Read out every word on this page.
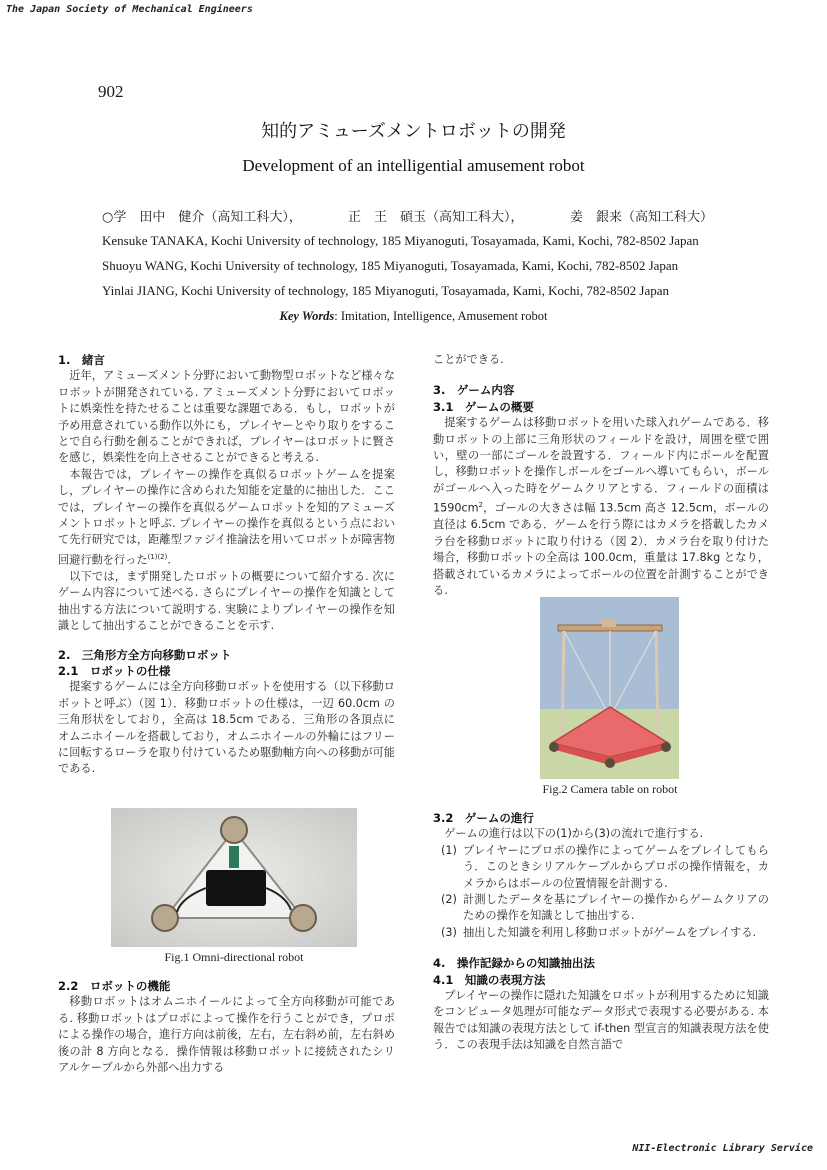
The Japan Society of Mechanical Engineers
NII-Electronic Library Service
902
知的アミューズメントロボットの開発
Development of an intelligential amusement robot
○学　田中　健介（高知工科大），	正　王　碩玉（高知工科大），	姜　銀来（高知工科大）
Kensuke TANAKA, Kochi University of technology, 185 Miyanoguti, Tosayamada, Kami, Kochi, 782-8502 Japan
Shuoyu WANG, Kochi University of technology, 185 Miyanoguti, Tosayamada, Kami, Kochi, 782-8502 Japan
Yinlai JIANG, Kochi University of technology, 185 Miyanoguti, Tosayamada, Kami, Kochi, 782-8502 Japan
Key Words: Imitation, Intelligence, Amusement robot

1.　緒言

近年，アミューズメント分野において動物型ロボットなど様々なロボットが開発されている. アミューズメント分野においてロボットに娯楽性を持たせることは重要な課題である．もし，ロボットが予め用意されている動作以外にも，プレイヤーとやり取りをすることで自ら行動を創ることができれば，プレイヤーはロボットに賢さを感じ，娯楽性を向上させることができると考える.

本報告では，プレイヤーの操作を真似るロボットゲームを提案し，プレイヤーの操作に含められた知能を定量的に抽出した．ここでは，プレイヤーの操作を真似るゲームロボットを知的アミューズメントロボットと呼ぶ. プレイヤーの操作を真似るという点において先行研究では，距離型ファジイ推論法を用いてロボットが障害物回避行動を行った$^{(1)(2)}$.

以下では，まず開発したロボットの概要について紹介する. 次にゲーム内容について述べる. さらにプレイヤーの操作を知識として抽出する方法について説明する. 実験によりプレイヤーの操作を知識として抽出することができることを示す.

2.　三角形方全方向移動ロボット

2.1　ロボットの仕様

提案するゲームには全方向移動ロボットを使用する（以下移動ロボットと呼ぶ）（図 1）．移動ロボットの仕様は，一辺 60.0cm の三角形状をしており，全高は 18.5cm である．三角形の各頂点にオムニホイールを搭載しており，オムニホイールの外輪にはフリーに回転するローラを取り付けているため駆動軸方向への移動が可能である.

Fig.1 Omni-directional robot

2.2　ロボットの機能

移動ロボットはオムニホイールによって全方向移動が可能である. 移動ロボットはプロポによって操作を行うことができ，プロポによる操作の場合，進行方向は前後，左右，左右斜め前，左右斜め後の計 8 方向となる．操作情報は移動ロボットに接続されたシリアルケーブルから外部へ出力する

ことができる.

3.　ゲーム内容

3.1　ゲームの概要

提案するゲームは移動ロボットを用いた球入れゲームである．移動ロボットの上部に三角形状のフィールドを設け，周囲を壁で囲い，壁の一部にゴールを設置する．フィールド内にボールを配置し，移動ロボットを操作しボールをゴールへ導いてもらい，ボールがゴールへ入った時をゲームクリアとする．フィールドの面積は $1590cm^2$，ゴールの大きさは幅 13.5cm 高さ 12.5cm，ボールの直径は 6.5cm である．ゲームを行う際にはカメラを搭載したカメラ台を移動ロボットに取り付ける（図 2）．カメラ台を取り付けた場合，移動ロボットの全高は 100.0cm，重量は 17.8kg となり，搭載されているカメラによってボールの位置を計測することができる.

Fig.2 Camera table on robot

3.2　ゲームの進行

ゲームの進行は以下の(1)から(3)の流れで進行する.

(1) プレイヤーにプロポの操作によってゲームをプレイしてもらう．このときシリアルケーブルからプロポの操作情報を，カメラからはボールの位置情報を計測する.
(2) 計測したデータを基にプレイヤーの操作からゲームクリアのための操作を知識として抽出する.
(3) 抽出した知識を利用し移動ロボットがゲームをプレイする.

4.　操作記録からの知識抽出法

4.1　知識の表現方法

プレイヤーの操作に隠れた知識をロボットが利用するために知識をコンピュータ処理が可能なデータ形式で表現する必要がある. 本報告では知識の表現方法として if-then 型宣言的知識表現方法を使う．この表現手法は知識を自然言語で
